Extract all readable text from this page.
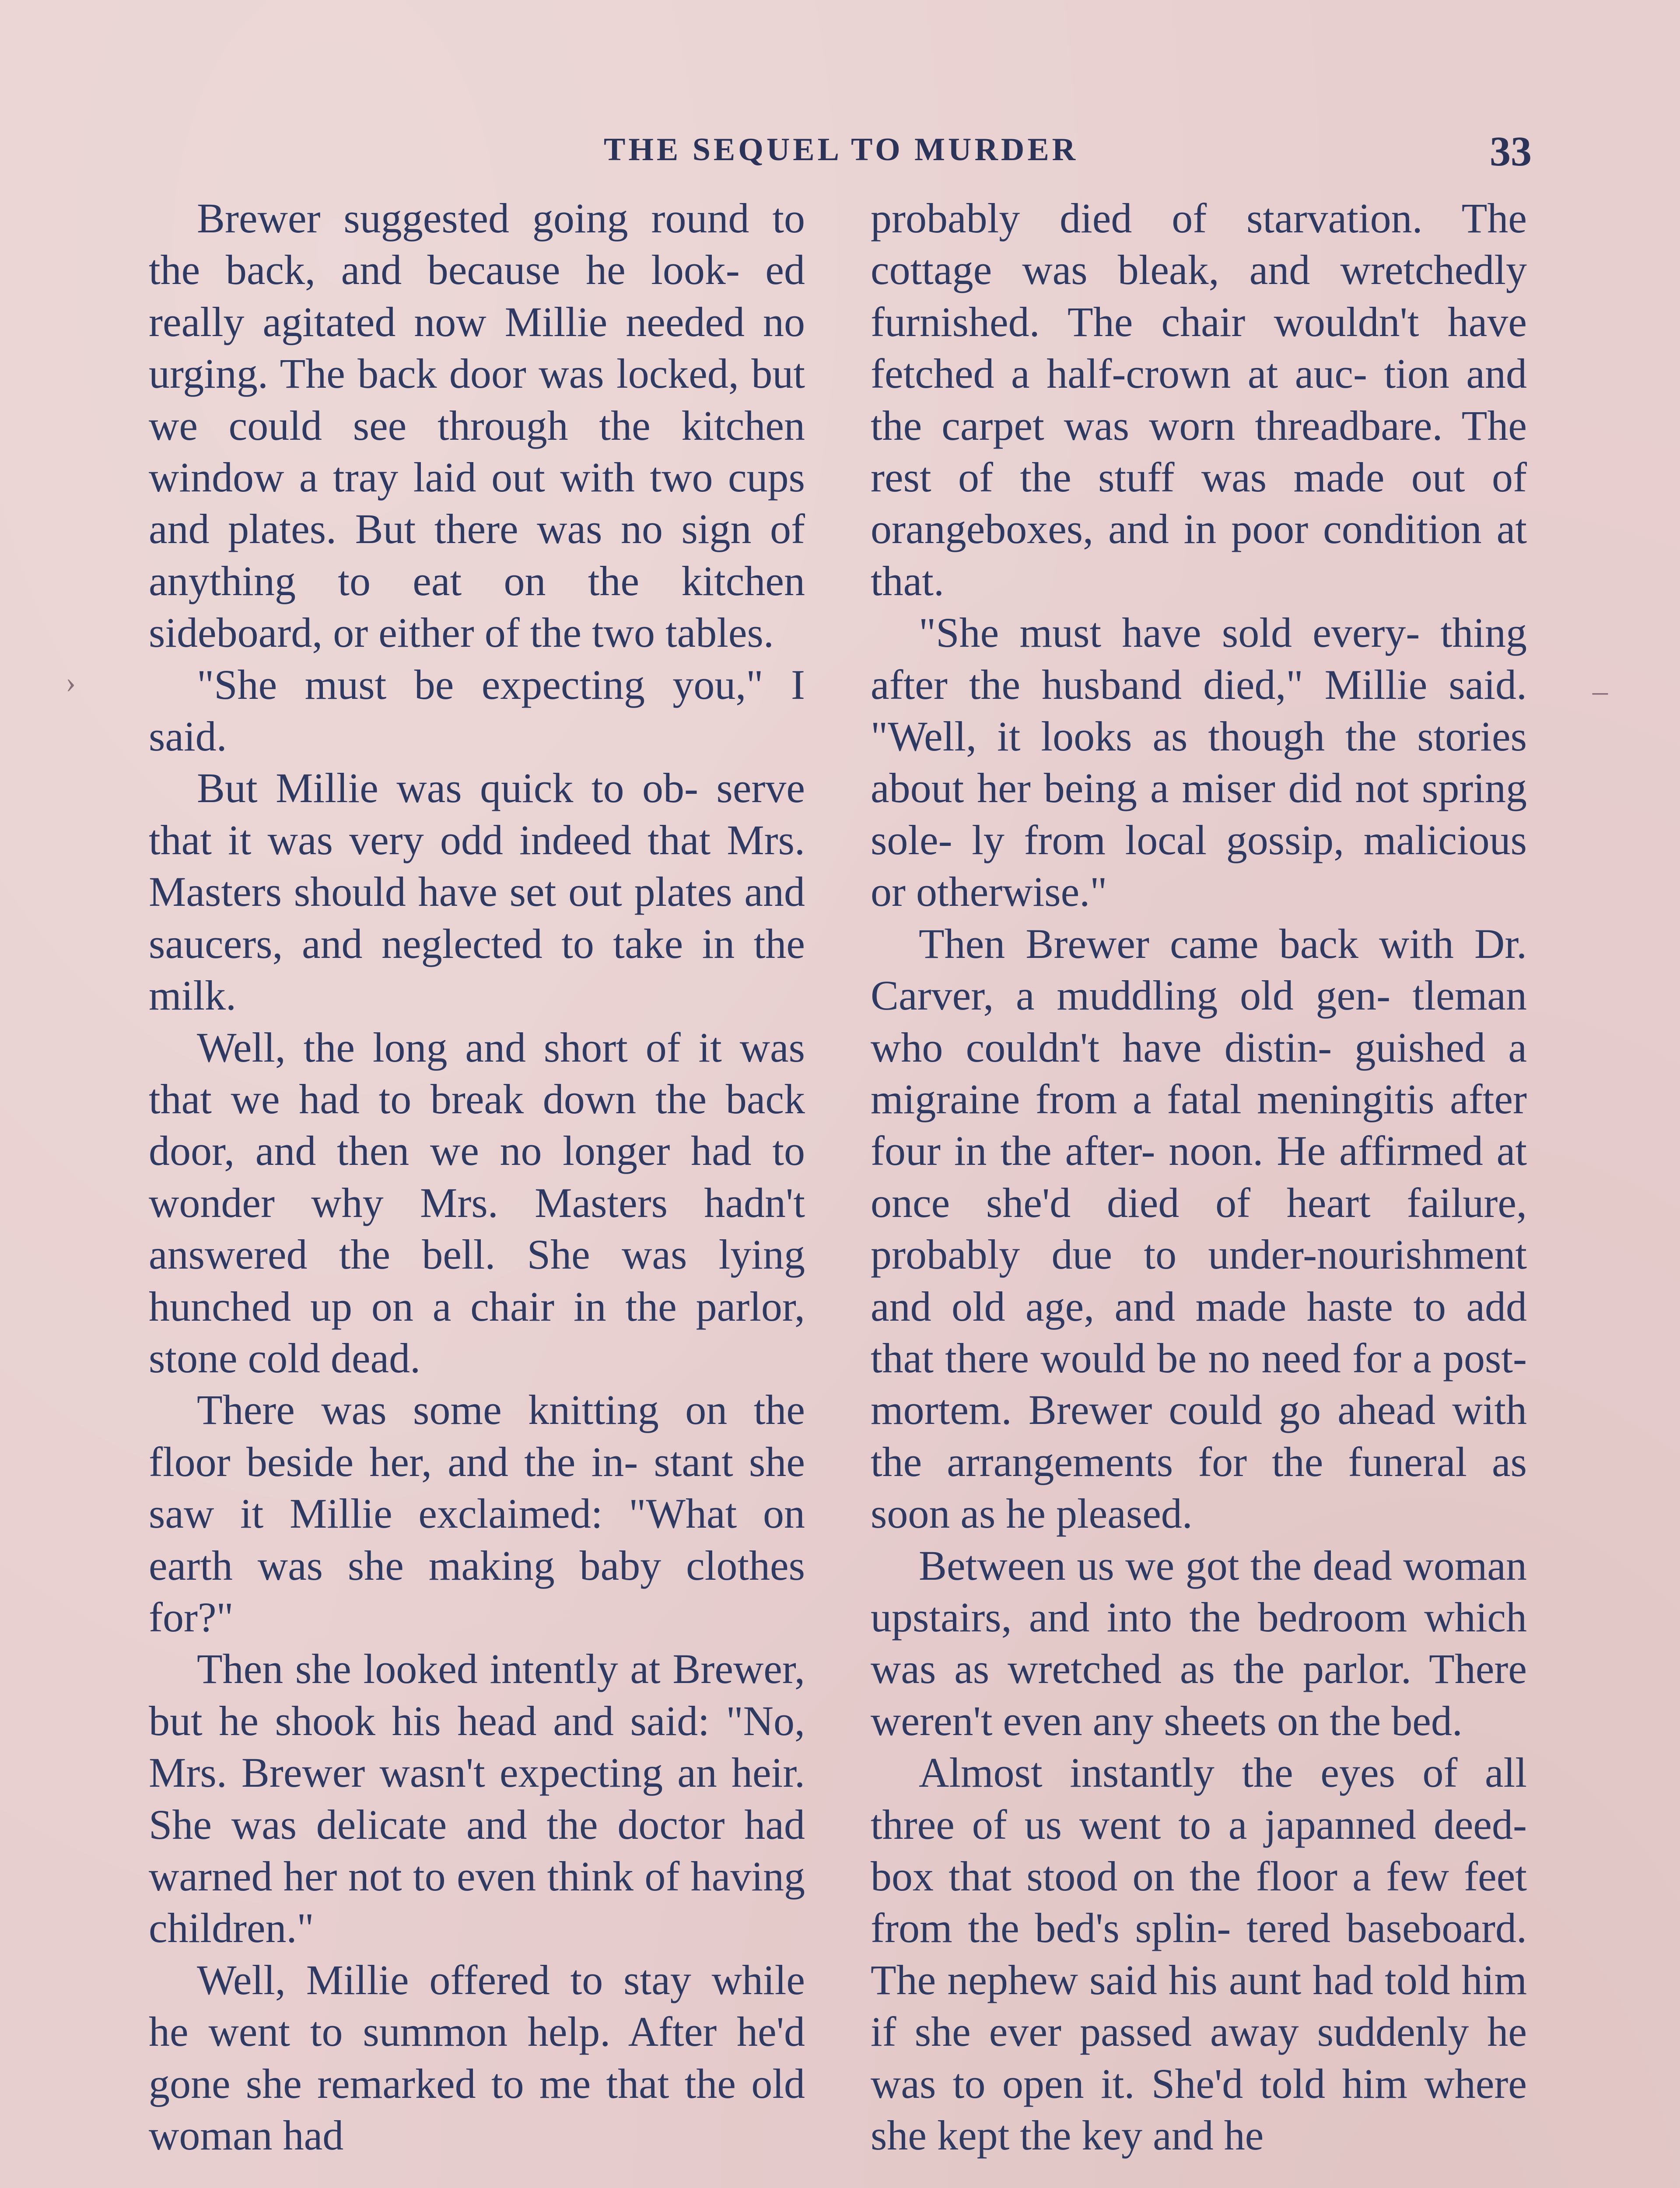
THE SEQUEL TO MURDER	33

Brewer suggested going round to the back, and because he look- ed really agitated now Millie needed no urging. The back door was locked, but we could see through the kitchen window a tray laid out with two cups and plates. But there was no sign of anything to eat on the kitchen sideboard, or either of the two tables.

"She must be expecting you," I said.

But Millie was quick to ob- serve that it was very odd indeed that Mrs. Masters should have set out plates and saucers, and neglected to take in the milk.

Well, the long and short of it was that we had to break down the back door, and then we no longer had to wonder why Mrs. Masters hadn't answered the bell. She was lying hunched up on a chair in the parlor, stone cold dead.

There was some knitting on the floor beside her, and the in- stant she saw it Millie exclaimed: "What on earth was she making baby clothes for?"

Then she looked intently at Brewer, but he shook his head and said: "No, Mrs. Brewer wasn't expecting an heir. She was delicate and the doctor had warned her not to even think of having children."

Well, Millie offered to stay while he went to summon help. After he'd gone she remarked to me that the old woman had

probably died of starvation. The cottage was bleak, and wretchedly furnished. The chair wouldn't have fetched a half-crown at auc- tion and the carpet was worn threadbare. The rest of the stuff was made out of orangeboxes, and in poor condition at that.

"She must have sold every- thing after the husband died," Millie said. "Well, it looks as though the stories about her being a miser did not spring sole- ly from local gossip, malicious or otherwise."

Then Brewer came back with Dr. Carver, a muddling old gen- tleman who couldn't have distin- guished a migraine from a fatal meningitis after four in the after- noon. He affirmed at once she'd died of heart failure, probably due to under-nourishment and old age, and made haste to add that there would be no need for a post-mortem. Brewer could go ahead with the arrangements for the funeral as soon as he pleased.

Between us we got the dead woman upstairs, and into the bedroom which was as wretched as the parlor. There weren't even any sheets on the bed.

Almost instantly the eyes of all three of us went to a japanned deed-box that stood on the floor a few feet from the bed's splin- tered baseboard. The nephew said his aunt had told him if she ever passed away suddenly he was to open it. She'd told him where she kept the key and he

›	–
